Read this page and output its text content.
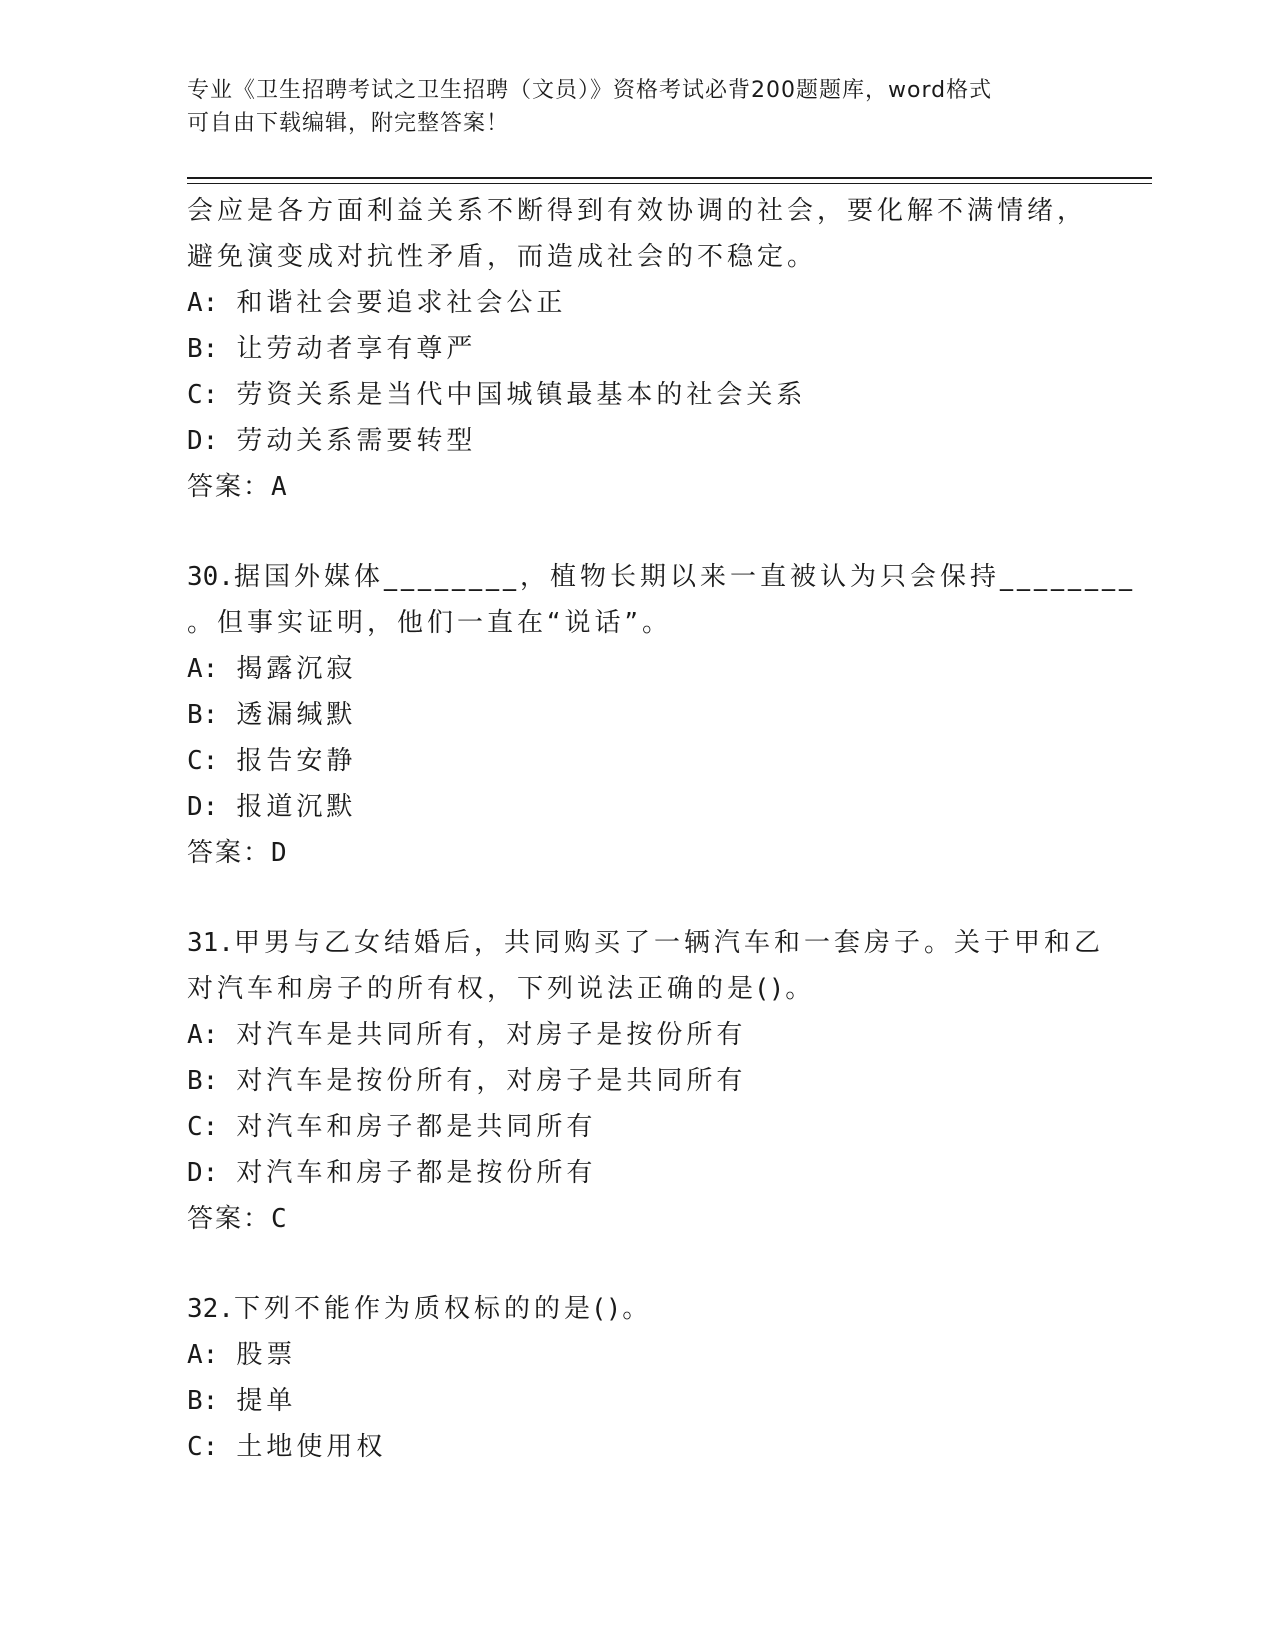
专业《卫生招聘考试之卫生招聘（文员）》资格考试必背200题题库，word格式
可自由下载编辑，附完整答案！
会应是各方面利益关系不断得到有效协调的社会，要化解不满情绪，
避免演变成对抗性矛盾，而造成社会的不稳定。
A: 和谐社会要追求社会公正
B: 让劳动者享有尊严
C: 劳资关系是当代中国城镇最基本的社会关系
D: 劳动关系需要转型
答案：A
30.据国外媒体________，植物长期以来一直被认为只会保持________
。但事实证明，他们一直在“说话”。
A: 揭露沉寂
B: 透漏缄默
C: 报告安静
D: 报道沉默
答案：D
31.甲男与乙女结婚后，共同购买了一辆汽车和一套房子。关于甲和乙
对汽车和房子的所有权，下列说法正确的是()。
A: 对汽车是共同所有，对房子是按份所有
B: 对汽车是按份所有，对房子是共同所有
C: 对汽车和房子都是共同所有
D: 对汽车和房子都是按份所有
答案：C
32.下列不能作为质权标的的是()。
A: 股票
B: 提单
C: 土地使用权
